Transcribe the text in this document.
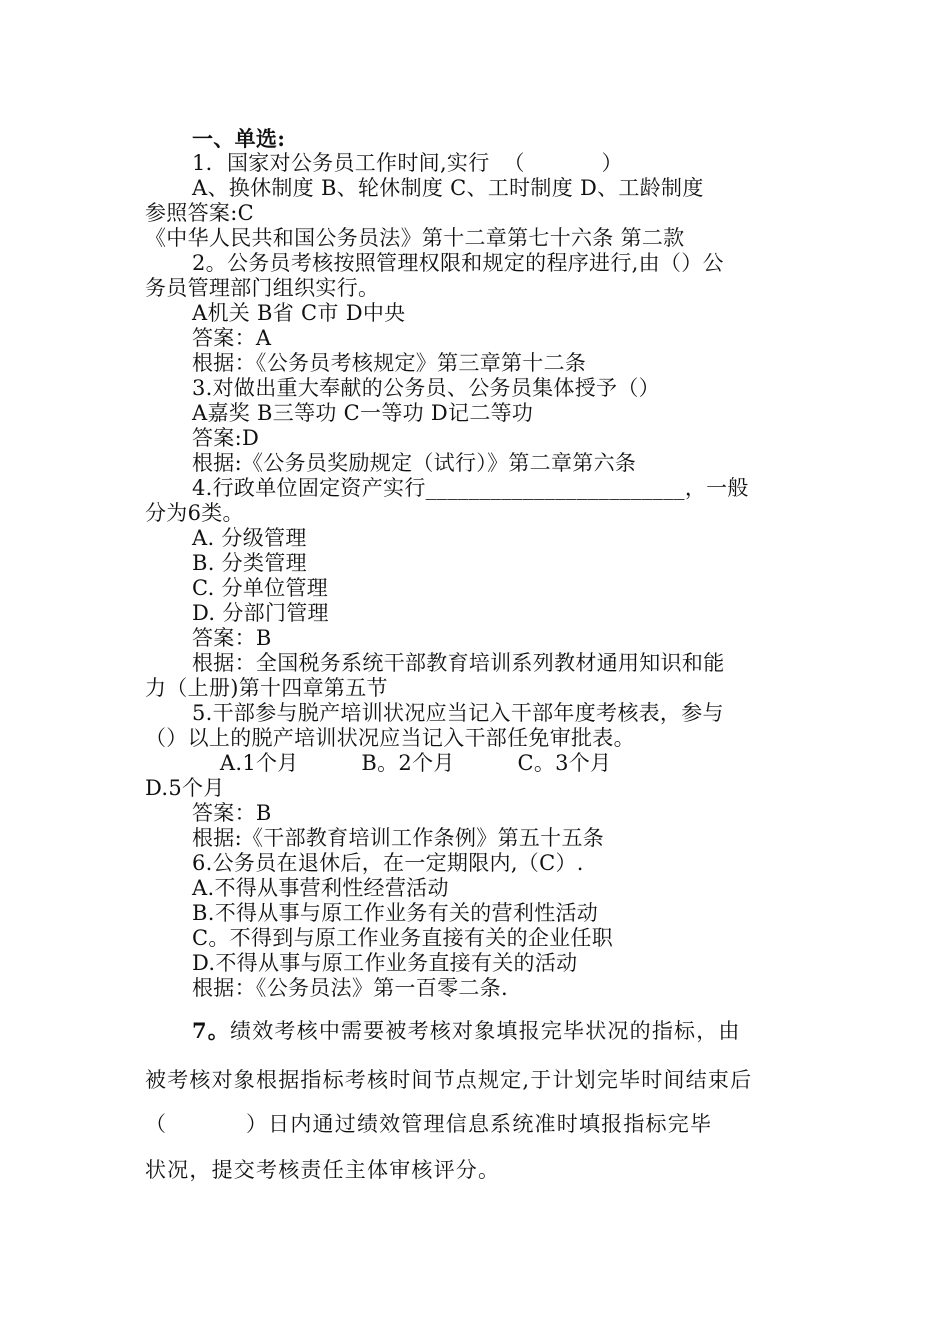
一、单选:
1．国家对公务员工作时间,实行  （           ）
A、换休制度 B、轮休制度 C、工时制度 D、工龄制度
参照答案:C
《中华人民共和国公务员法》第十二章第七十六条 第二款
2。公务员考核按照管理权限和规定的程序进行,由（）公
务员管理部门组织实行。
A机关 B省 C市 D中央
答案：A
根据：《公务员考核规定》第三章第十二条
3.对做出重大奉献的公务员、公务员集体授予（）
A嘉奖 B三等功 C一等功 D记二等功
答案:D
根据:《公务员奖励规定（试行）》第二章第六条
4.行政单位固定资产实行________________________，一般
分为6类。
A. 分级管理
B. 分类管理
C. 分单位管理
D. 分部门管理
答案：B
根据：全国税务系统干部教育培训系列教材通用知识和能
力（上册)第十四章第五节
5.干部参与脱产培训状况应当记入干部年度考核表，参与
（）以上的脱产培训状况应当记入干部任免审批表。
A.1个月         B。2个月         C。3个月
D.5个月
答案：B
根据:《干部教育培训工作条例》第五十五条
6.公务员在退休后，在一定期限内,（C）.
A.不得从事营利性经营活动
B.不得从事与原工作业务有关的营利性活动
C。不得到与原工作业务直接有关的企业任职
D.不得从事与原工作业务直接有关的活动
根据：《公务员法》第一百零二条.
7。绩效考核中需要被考核对象填报完毕状况的指标，由
被考核对象根据指标考核时间节点规定,于计划完毕时间结束后
（          ）日内通过绩效管理信息系统准时填报指标完毕
状况，提交考核责任主体审核评分。
